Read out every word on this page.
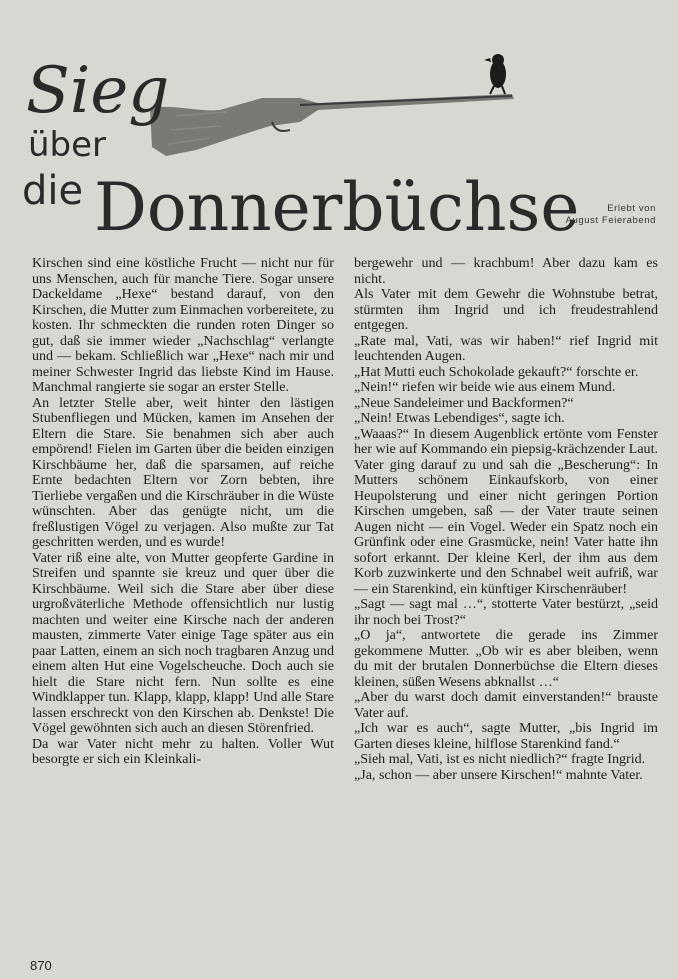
Sieg
über
die Donnerbüchse	Erlebt von
August Feierabend

Kirschen sind eine köstliche Frucht — nicht nur für uns Menschen, auch für manche Tiere. Sogar unsere Dackeldame „Hexe“ bestand darauf, von den Kirschen, die Mutter zum Einmachen vorbereitete, zu kosten. Ihr schmeckten die runden roten Dinger so gut, daß sie immer wieder „Nachschlag“ verlangte und — bekam. Schließlich war „Hexe“ nach mir und meiner Schwester Ingrid das liebste Kind im Hause. Manchmal rangierte sie sogar an erster Stelle.

An letzter Stelle aber, weit hinter den lästigen Stubenfliegen und Mücken, kamen im Ansehen der Eltern die Stare. Sie benahmen sich aber auch empörend! Fielen im Garten über die beiden einzigen Kirschbäume her, daß die sparsamen, auf reiche Ernte bedachten Eltern vor Zorn bebten, ihre Tierliebe vergaßen und die Kirschräuber in die Wüste wünschten. Aber das genügte nicht, um die freßlustigen Vögel zu verjagen. Also mußte zur Tat geschritten werden, und es wurde!

Vater riß eine alte, von Mutter geopferte Gardine in Streifen und spannte sie kreuz und quer über die Kirschbäume. Weil sich die Stare aber über diese urgroßväterliche Methode offensichtlich nur lustig machten und weiter eine Kirsche nach der anderen mausten, zimmerte Vater einige Tage später aus ein paar Latten, einem an sich noch tragbaren Anzug und einem alten Hut eine Vogelscheuche. Doch auch sie hielt die Stare nicht fern. Nun sollte es eine Windklapper tun. Klapp, klapp, klapp! Und alle Stare lassen erschreckt von den Kirschen ab. Denkste! Die Vögel gewöhnten sich auch an diesen Störenfried.

Da war Vater nicht mehr zu halten. Voller Wut besorgte er sich ein Kleinkali-

bergewehr und — krachbum! Aber dazu kam es nicht.

Als Vater mit dem Gewehr die Wohnstube betrat, stürmten ihm Ingrid und ich freudestrahlend entgegen.

„Rate mal, Vati, was wir haben!“ rief Ingrid mit leuchtenden Augen.

„Hat Mutti euch Schokolade gekauft?“ forschte er.

„Nein!“ riefen wir beide wie aus einem Mund.

„Neue Sandeleimer und Backformen?“

„Nein! Etwas Lebendiges“, sagte ich.

„Waaas?“ In diesem Augenblick ertönte vom Fenster her wie auf Kommando ein piepsig-krächzender Laut. Vater ging darauf zu und sah die „Bescherung“: In Mutters schönem Einkaufskorb, von einer Heupolsterung und einer nicht geringen Portion Kirschen umgeben, saß — der Vater traute seinen Augen nicht — ein Vogel. Weder ein Spatz noch ein Grünfink oder eine Grasmücke, nein! Vater hatte ihn sofort erkannt. Der kleine Kerl, der ihm aus dem Korb zuzwinkerte und den Schnabel weit aufriß, war — ein Starenkind, ein künftiger Kirschenräuber!

„Sagt — sagt mal …“, stotterte Vater bestürzt, „seid ihr noch bei Trost?“

„O ja“, antwortete die gerade ins Zimmer gekommene Mutter. „Ob wir es aber bleiben, wenn du mit der brutalen Donnerbüchse die Eltern dieses kleinen, süßen Wesens abknallst …“

„Aber du warst doch damit einverstanden!“ brauste Vater auf.

„Ich war es auch“, sagte Mutter, „bis Ingrid im Garten dieses kleine, hilflose Starenkind fand.“

„Sieh mal, Vati, ist es nicht niedlich?“ fragte Ingrid.

„Ja, schon — aber unsere Kirschen!“ mahnte Vater.

870
